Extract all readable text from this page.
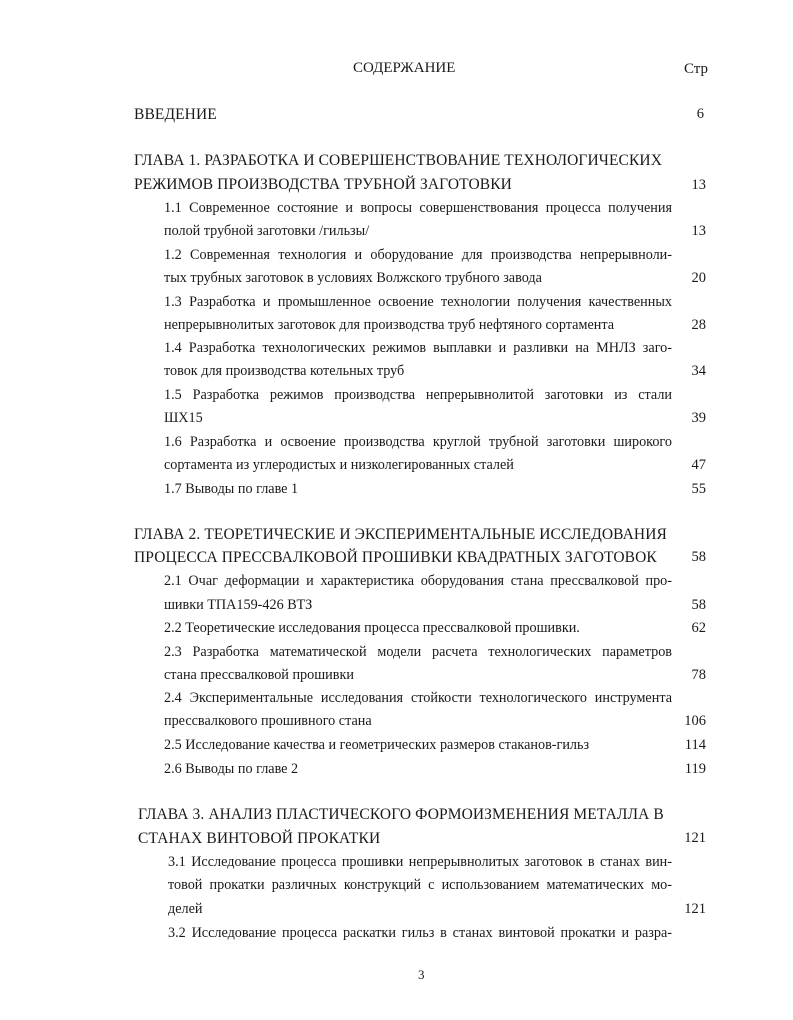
СОДЕРЖАНИЕ	Стр
ВВЕДЕНИЕ	6
ГЛАВА 1. РАЗРАБОТКА И СОВЕРШЕНСТВОВАНИЕ ТЕХНОЛОГИЧЕСКИХ
РЕЖИМОВ ПРОИЗВОДСТВА ТРУБНОЙ ЗАГОТОВКИ	13
1.1 Современное состояние и вопросы совершенствования процесса получения
полой трубной заготовки /гильзы/	13
1.2 Современная технология и оборудование для производства непрерывноли-
тых трубных заготовок в условиях Волжского трубного завода	20
1.3 Разработка и промышленное освоение технологии получения качественных
непрерывнолитых заготовок для производства труб нефтяного сортамента	28
1.4 Разработка технологических режимов выплавки и разливки на МНЛЗ заго-
товок для производства котельных труб	34
1.5 Разработка режимов производства непрерывнолитой заготовки из стали
ШХ15	39
1.6 Разработка и освоение производства круглой трубной заготовки широкого
сортамента из углеродистых и низколегированных сталей	47
1.7 Выводы по главе 1	55
ГЛАВА 2. ТЕОРЕТИЧЕСКИЕ И ЭКСПЕРИМЕНТАЛЬНЫЕ ИССЛЕДОВАНИЯ
ПРОЦЕССА ПРЕССВАЛКОВОЙ ПРОШИВКИ КВАДРАТНЫХ ЗАГОТОВОК	58
2.1 Очаг деформации и характеристика оборудования стана прессвалковой про-
шивки ТПА159-426 ВТЗ	58
2.2 Теоретические исследования процесса прессвалковой прошивки.	62
2.3 Разработка математической модели расчета технологических параметров
стана прессвалковой прошивки	78
2.4 Экспериментальные исследования стойкости технологического инструмента
прессвалкового прошивного стана	106
2.5 Исследование качества и геометрических размеров стаканов-гильз	114
2.6 Выводы по главе 2	119
ГЛАВА 3. АНАЛИЗ ПЛАСТИЧЕСКОГО ФОРМОИЗМЕНЕНИЯ МЕТАЛЛА В
СТАНАХ ВИНТОВОЙ ПРОКАТКИ	121
3.1 Исследование процесса прошивки непрерывнолитых заготовок в станах вин-
товой прокатки различных конструкций с использованием математических мо-
делей	121
3.2 Исследование процесса раскатки гильз в станах винтовой прокатки и разра-
3
